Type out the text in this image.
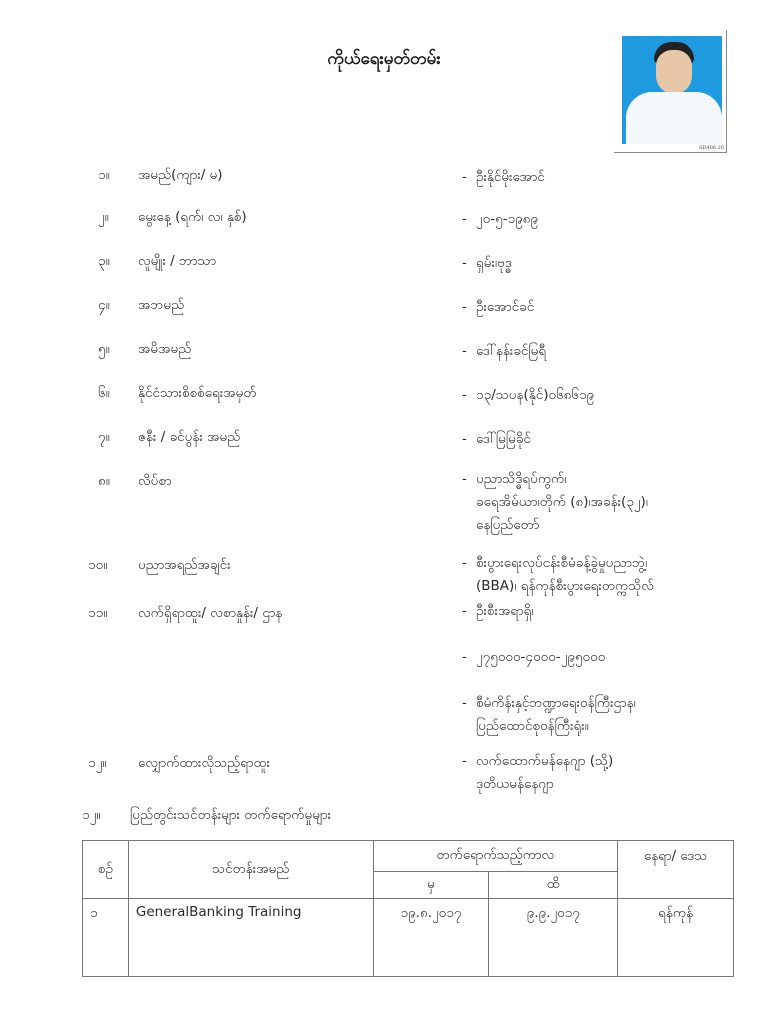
ကိုယ်ရေးမှတ်တမ်း
SD406.20
၁။ အမည်(ကျား/ မ)	- ဦးနိုင်မိုးအောင်
၂။ မွေးနေ့ (ရက်၊ လ၊ နှစ်)	- ၂၀-၅-၁၉၈၉
၃။ လူမျိုး / ဘာသာ	- ရှမ်း၊ဗုဒ္ဓ
၄။ အဘမည်	- ဦးအောင်ခင်
၅။ အမိအမည်	- ဒေါ်နန်းခင်မြရီ
၆။ နိုင်ငံသားစိစစ်ရေးအမှတ်	- ၁၃/သပန(နိုင်)၀၆၈၆၁၉
၇။ ဇနီး / ခင်ပွန်း အမည်	- ဒေါ်မြမြခိုင်
၈။ လိပ်စာ	- ပညာသိဒ္ဓိရပ်ကွက်၊
ခရေအိမ်ယာ၊တိုက် (၈)၊အခန်း(၃၂)၊
နေပြည်တော်
၁၀။ ပညာအရည်အချင်း	- စီးပွားရေးလုပ်ငန်းစီမံခန့်ခွဲမှုပညာဘွဲ့၊
(BBA)၊ ရန်ကုန်စီးပွားရေးတက္ကသိုလ်
၁၁။ လက်ရှိရာထူး/ လစာနှုန်း/ ဌာန	- ဦးစီးအရာရှိ၊
- ၂၇၅၀၀၀-၄၀၀၀-၂၉၅၀၀၀
- စီမံကိန်းနှင့်ဘဏ္ဍာရေးဝန်ကြီးဌာန၊
ပြည်ထောင်စုဝန်ကြီးရုံး။
၁၂။ လျှောက်ထားလိုသည့်ရာထူး	- လက်ထောက်မန်နေဂျာ (သို့)
ဒုတိယမန်နေဂျာ
၁၂။ ပြည်တွင်းသင်တန်းများ တက်ရောက်မှုများ
စဉ်	သင်တန်းအမည်	တက်ရောက်သည့်ကာလ		နေရာ/ ဒေသ
		မှ	ထိ	
၁	GeneralBanking Training	၁၉.၈.၂၀၁၇	၉.၉.၂၀၁၇	ရန်ကုန်
